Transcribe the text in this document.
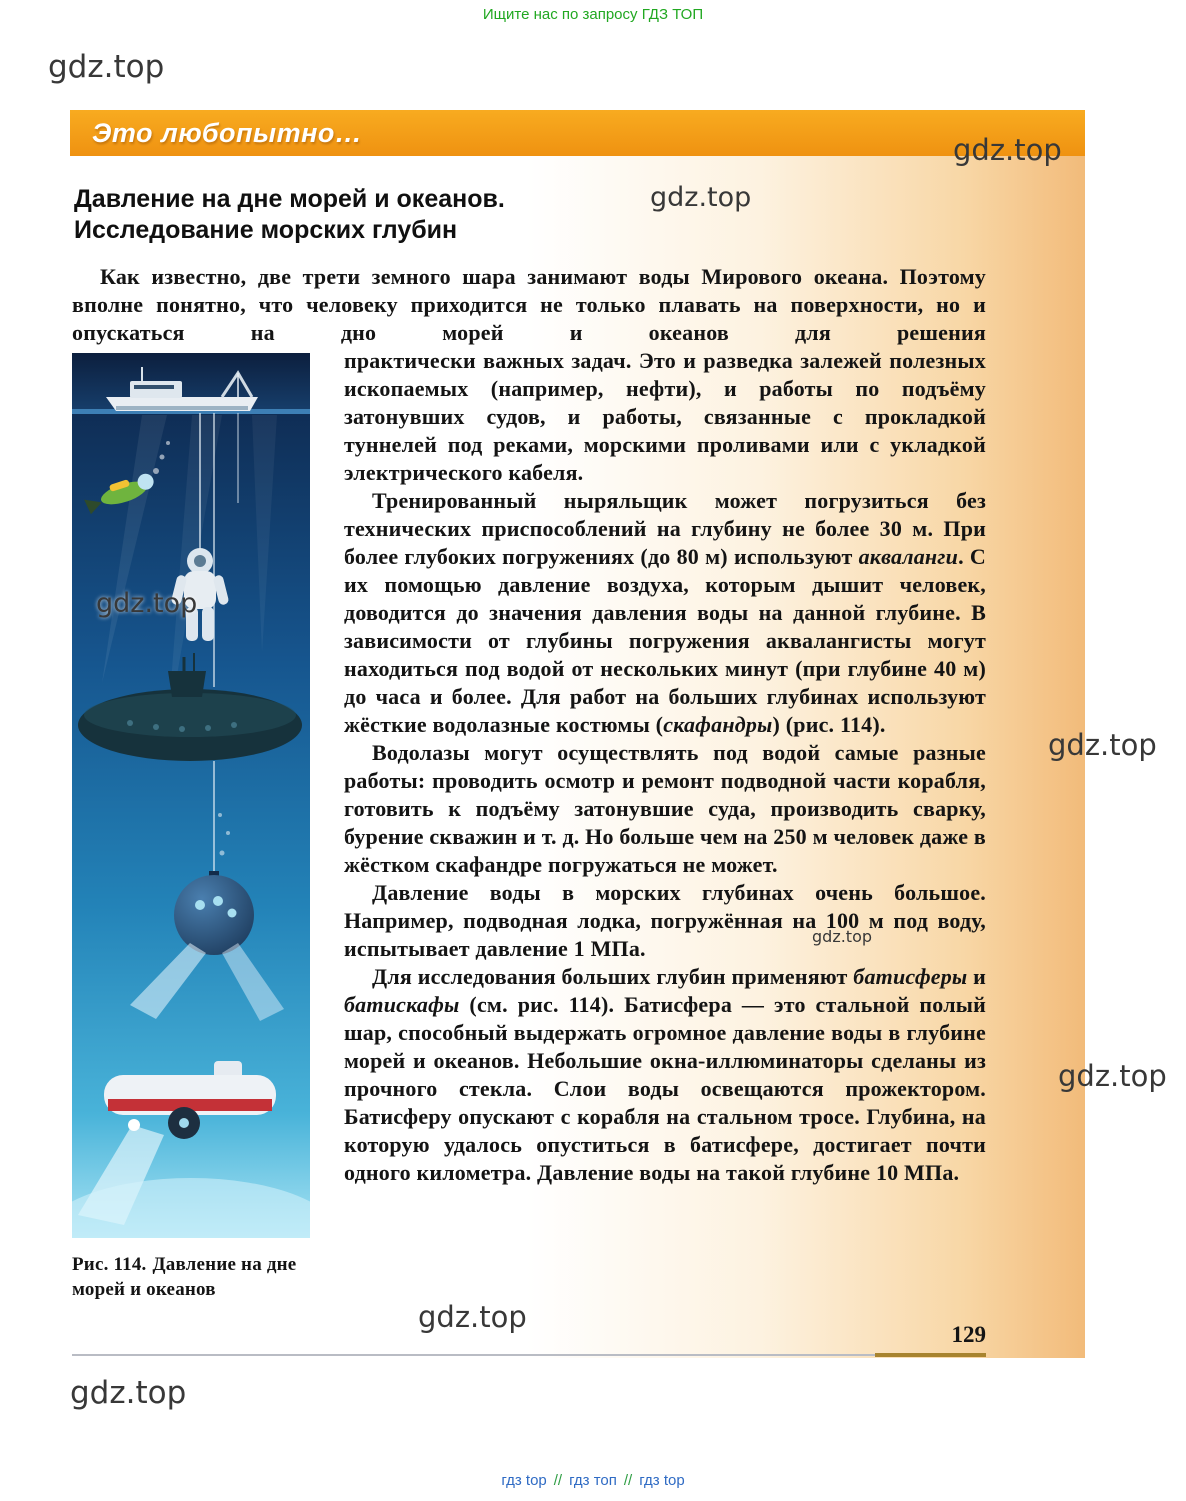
Ищите нас по запросу ГДЗ ТОП
gdz.top
gdz.top
gdz.top
gdz.top
gdz.top
gdz.top
gdz.top
gdz.top
gdz.top
Это любопытно…
Давление на дне морей и океанов.
Исследование морских глубин

Как известно, две трети земного шара занимают воды Мирового океана. Поэтому вполне понятно, что человеку приходится не только плавать на поверхности, но и опускаться на дно морей и океанов для решения

Рис. 114. Давление на дне морей и океанов

практически важных задач. Это и разведка залежей полезных ископаемых (например, нефти), и работы по подъёму затонувших судов, и работы, связанные с прокладкой туннелей под реками, морскими проливами или с укладкой электрического кабеля.

Тренированный ныряльщик может погрузиться без технических приспособлений на глубину не более 30 м. При более глубоких погружениях (до 80 м) используют акваланги. С их помощью давление воздуха, которым дышит человек, доводится до значения давления воды на данной глубине. В зависимости от глубины погружения аквалангисты могут находиться под водой от нескольких минут (при глубине 40 м) до часа и более. Для работ на больших глубинах используют жёсткие водолазные костюмы (скафандры) (рис. 114).

Водолазы могут осуществлять под водой самые разные работы: проводить осмотр и ремонт подводной части корабля, готовить к подъёму затонувшие суда, производить сварку, бурение скважин и т. д. Но больше чем на 250 м человек даже в жёстком скафандре погружаться не может.

Давление воды в морских глубинах очень большое. Например, подводная лодка, погружённая на 100 м под воду, испытывает давление 1 МПа.

Для исследования больших глубин применяют батисферы и батискафы (см. рис. 114). Батисфера — это стальной полый шар, способный выдержать огромное давление воды в глубине морей и океанов. Небольшие окна-иллюминаторы сделаны из прочного стекла. Слои воды освещаются прожектором. Батисферу опускают с корабля на стальном тросе. Глубина, на которую удалось опуститься в батисфере, достигает почти одного километра. Давление воды на такой глубине 10 МПа.

129
гдз top // гдз топ // гдз top
